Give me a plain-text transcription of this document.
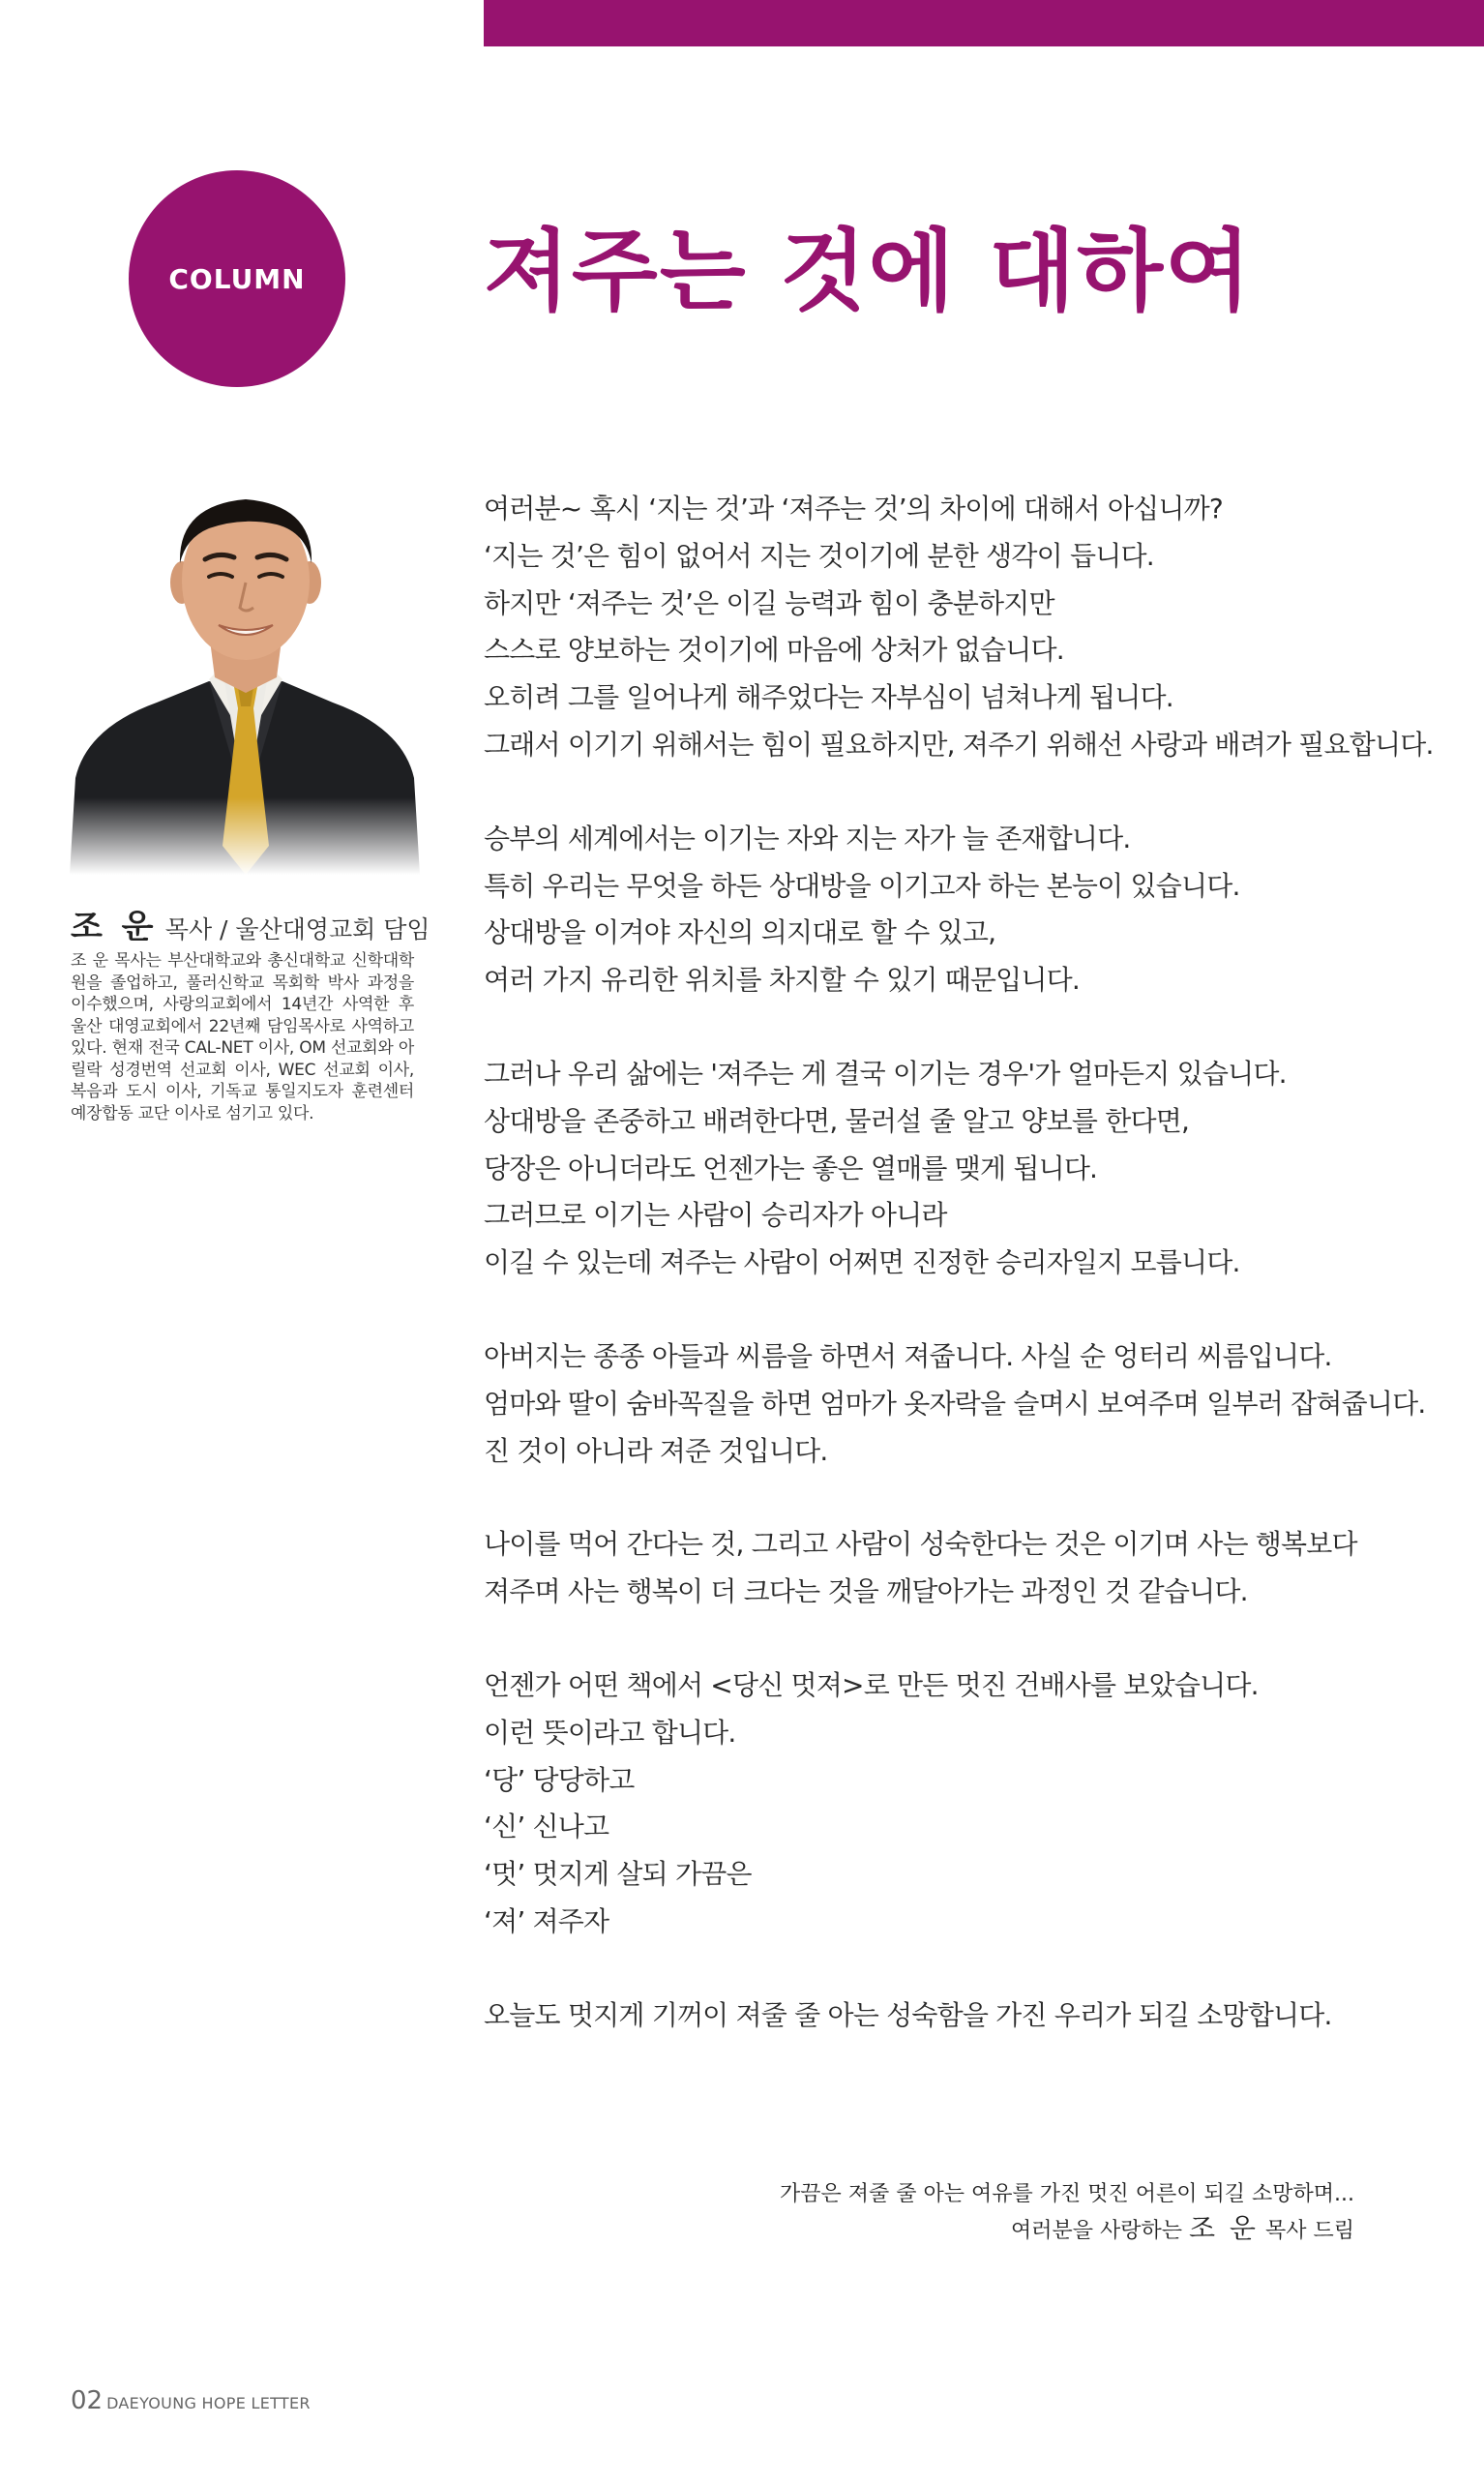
COLUMN 져주는 것에 대하여

조 운 목사 / 울산대영교회 담임

조 운 목사는 부산대학교와 총신대학교 신학대학원을 졸업하고, 풀러신학교 목회학 박사 과정을 이수했으며, 사랑의교회에서 14년간 사역한 후 울산 대영교회에서 22년째 담임목사로 사역하고 있다. 현재 전국 CAL-NET 이사, OM 선교회와 아릴락 성경번역 선교회 이사, WEC 선교회 이사, 복음과 도시 이사, 기독교 통일지도자 훈련센터 예장합동 교단 이사로 섬기고 있다.

여러분~ 혹시 ‘지는 것’과 ‘져주는 것’의 차이에 대해서 아십니까?
‘지는 것’은 힘이 없어서 지는 것이기에 분한 생각이 듭니다.
하지만 ‘져주는 것’은 이길 능력과 힘이 충분하지만
스스로 양보하는 것이기에 마음에 상처가 없습니다.
오히려 그를 일어나게 해주었다는 자부심이 넘쳐나게 됩니다.
그래서 이기기 위해서는 힘이 필요하지만, 져주기 위해선 사랑과 배려가 필요합니다.
승부의 세계에서는 이기는 자와 지는 자가 늘 존재합니다.
특히 우리는 무엇을 하든 상대방을 이기고자 하는 본능이 있습니다.
상대방을 이겨야 자신의 의지대로 할 수 있고,
여러 가지 유리한 위치를 차지할 수 있기 때문입니다.
그러나 우리 삶에는 '져주는 게 결국 이기는 경우'가 얼마든지 있습니다.
상대방을 존중하고 배려한다면, 물러설 줄 알고 양보를 한다면,
당장은 아니더라도 언젠가는 좋은 열매를 맺게 됩니다.
그러므로 이기는 사람이 승리자가 아니라
이길 수 있는데 져주는 사람이 어쩌면 진정한 승리자일지 모릅니다.
아버지는 종종 아들과 씨름을 하면서 져줍니다. 사실 순 엉터리 씨름입니다.
엄마와 딸이 숨바꼭질을 하면 엄마가 옷자락을 슬며시 보여주며 일부러 잡혀줍니다.
진 것이 아니라 져준 것입니다.
나이를 먹어 간다는 것, 그리고 사람이 성숙한다는 것은 이기며 사는 행복보다
져주며 사는 행복이 더 크다는 것을 깨달아가는 과정인 것 같습니다.
언젠가 어떤 책에서 <당신 멋져>로 만든 멋진 건배사를 보았습니다.
이런 뜻이라고 합니다.
‘당’ 당당하고
‘신’ 신나고
‘멋’ 멋지게 살되 가끔은
‘져’ 져주자
오늘도 멋지게 기꺼이 져줄 줄 아는 성숙함을 가진 우리가 되길 소망합니다.
가끔은 져줄 줄 아는 여유를 가진 멋진 어른이 되길 소망하며...
여러분을 사랑하는 조 운 목사 드림

02 DAEYOUNG HOPE LETTER
